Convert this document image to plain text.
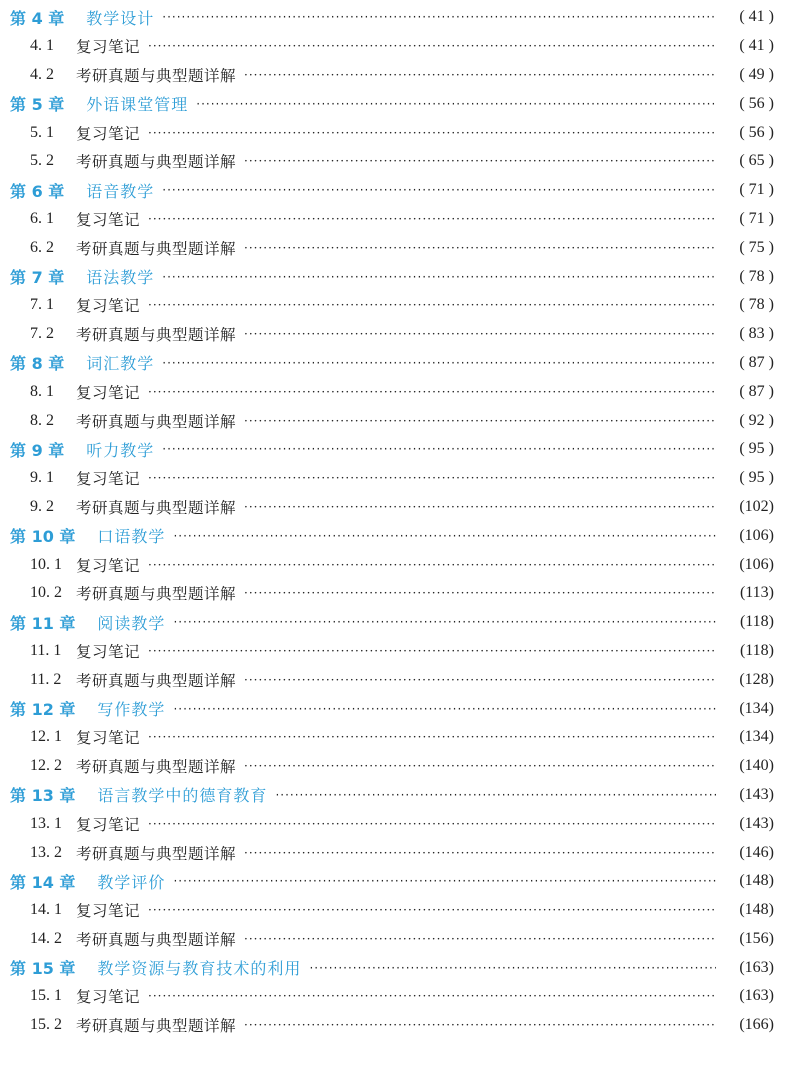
第 4 章 教学设计 ·····	( 41 )
4. 1	复习笔记 ·····	( 41 )
4. 2	考研真题与典型题详解 ·····	( 49 )
第 5 章 外语课堂管理 ·····	( 56 )
5. 1	复习笔记 ·····	( 56 )
5. 2	考研真题与典型题详解 ·····	( 65 )
第 6 章 语音教学 ·····	( 71 )
6. 1	复习笔记 ·····	( 71 )
6. 2	考研真题与典型题详解 ·····	( 75 )
第 7 章 语法教学 ·····	( 78 )
7. 1	复习笔记 ·····	( 78 )
7. 2	考研真题与典型题详解 ·····	( 83 )
第 8 章 词汇教学 ·····	( 87 )
8. 1	复习笔记 ·····	( 87 )
8. 2	考研真题与典型题详解 ·····	( 92 )
第 9 章 听力教学 ·····	( 95 )
9. 1	复习笔记 ·····	( 95 )
9. 2	考研真题与典型题详解 ·····	(102)
第 10 章 口语教学 ·····	(106)
10. 1 复习笔记 ·····	(106)
10. 2 考研真题与典型题详解 ·····	(113)
第 11 章 阅读教学 ·····	(118)
11. 1 复习笔记 ·····	(118)
11. 2 考研真题与典型题详解 ·····	(128)
第 12 章 写作教学 ·····	(134)
12. 1 复习笔记 ·····	(134)
12. 2 考研真题与典型题详解 ·····	(140)
第 13 章 语言教学中的德育教育 ·····	(143)
13. 1 复习笔记 ·····	(143)
13. 2 考研真题与典型题详解 ·····	(146)
第 14 章 教学评价 ·····	(148)
14. 1 复习笔记 ·····	(148)
14. 2 考研真题与典型题详解 ·····	(156)
第 15 章 教学资源与教育技术的利用 ·····	(163)
15. 1 复习笔记 ·····	(163)
15. 2 考研真题与典型题详解 ·····	(166)
